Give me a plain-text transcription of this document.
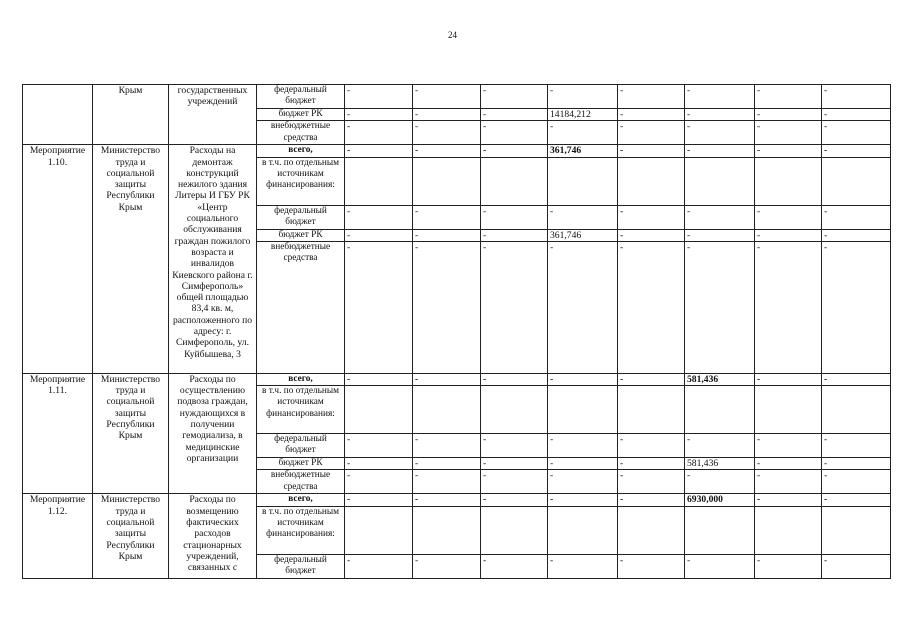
24
	Крым	государственных учреждений	федеральный бюджет	-	-	-	-	-	-	-	-
			бюджет РК	-	-	-	14184,212	-	-	-	-
			внебюджетные средства	-	-	-	-	-	-	-	-
Мероприятие 1.10.	Министерство труда и социальной защиты Республики Крым	Расходы на демонтаж конструкций нежилого здания Литеры И ГБУ РК «Центр социального обслуживания граждан пожилого возраста и инвалидов Киевского района г. Симферополь» общей площадью 83,4 кв. м, расположенного по адресу: г. Симферополь, ул. Куйбышева, 3	всего,	-	-	-	361,746	-	-	-	-
			в т.ч. по отдельным источникам финансирования:								
			федеральный бюджет	-	-	-	-	-	-	-	-
			бюджет РК	-	-	-	361,746	-	-	-	-
			внебюджетные средства	-	-	-	-	-	-	-	-
Мероприятие 1.11.	Министерство труда и социальной защиты Республики Крым	Расходы по осуществлению подвоза граждан, нуждающихся в получении гемодиализа, в медицинские организации	всего,	-	-	-	-	-	581,436	-	-
			в т.ч. по отдельным источникам финансирования:								
			федеральный бюджет	-	-	-	-	-	-	-	-
			бюджет РК	-	-	-	-	-	581,436	-	-
			внебюджетные средства	-	-	-	-	-	-	-	-
Мероприятие 1.12.	Министерство труда и социальной защиты Республики Крым	Расходы по возмещению фактических расходов стационарных учреждений, связанных с	всего,	-	-	-	-	-	6930,000	-	-
			в т.ч. по отдельным источникам финансирования:								
			федеральный бюджет	-	-	-	-	-	-	-	-
